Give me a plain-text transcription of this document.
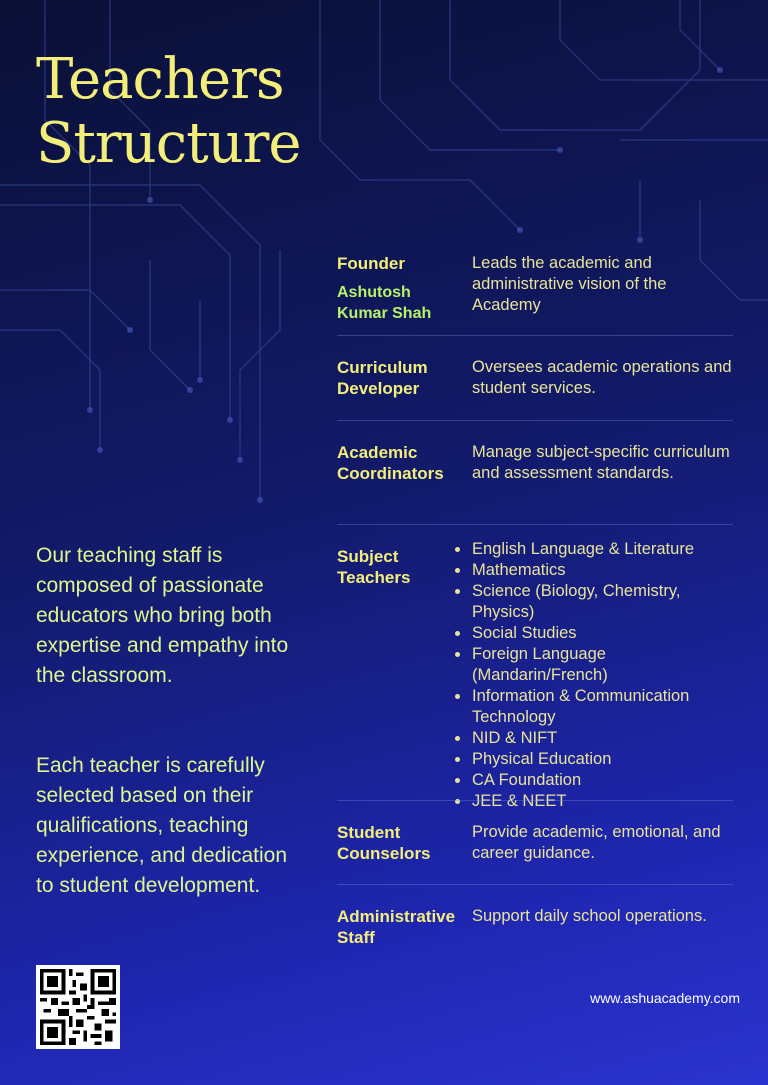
Teachers
Structure

Our teaching staff is composed of passionate educators who bring both expertise and empathy into the classroom.

Each teacher is carefully selected based on their qualifications, teaching experience, and dedication to student development.

Founder
Ashutosh Kumar Shah
Leads the academic and administrative vision of the Academy
Curriculum Developer
Oversees academic operations and student services.
Academic Coordinators
Manage subject-specific curriculum and assessment standards.
Subject Teachers
English Language & Literature
Mathematics
Science (Biology, Chemistry, Physics)
Social Studies
Foreign Language (Mandarin/French)
Information & Communication Technology
NID & NIFT
Physical Education
CA Foundation
JEE & NEET
Student Counselors
Provide academic, emotional, and career guidance.
Administrative Staff
Support daily school operations.
www.ashuacademy.com
